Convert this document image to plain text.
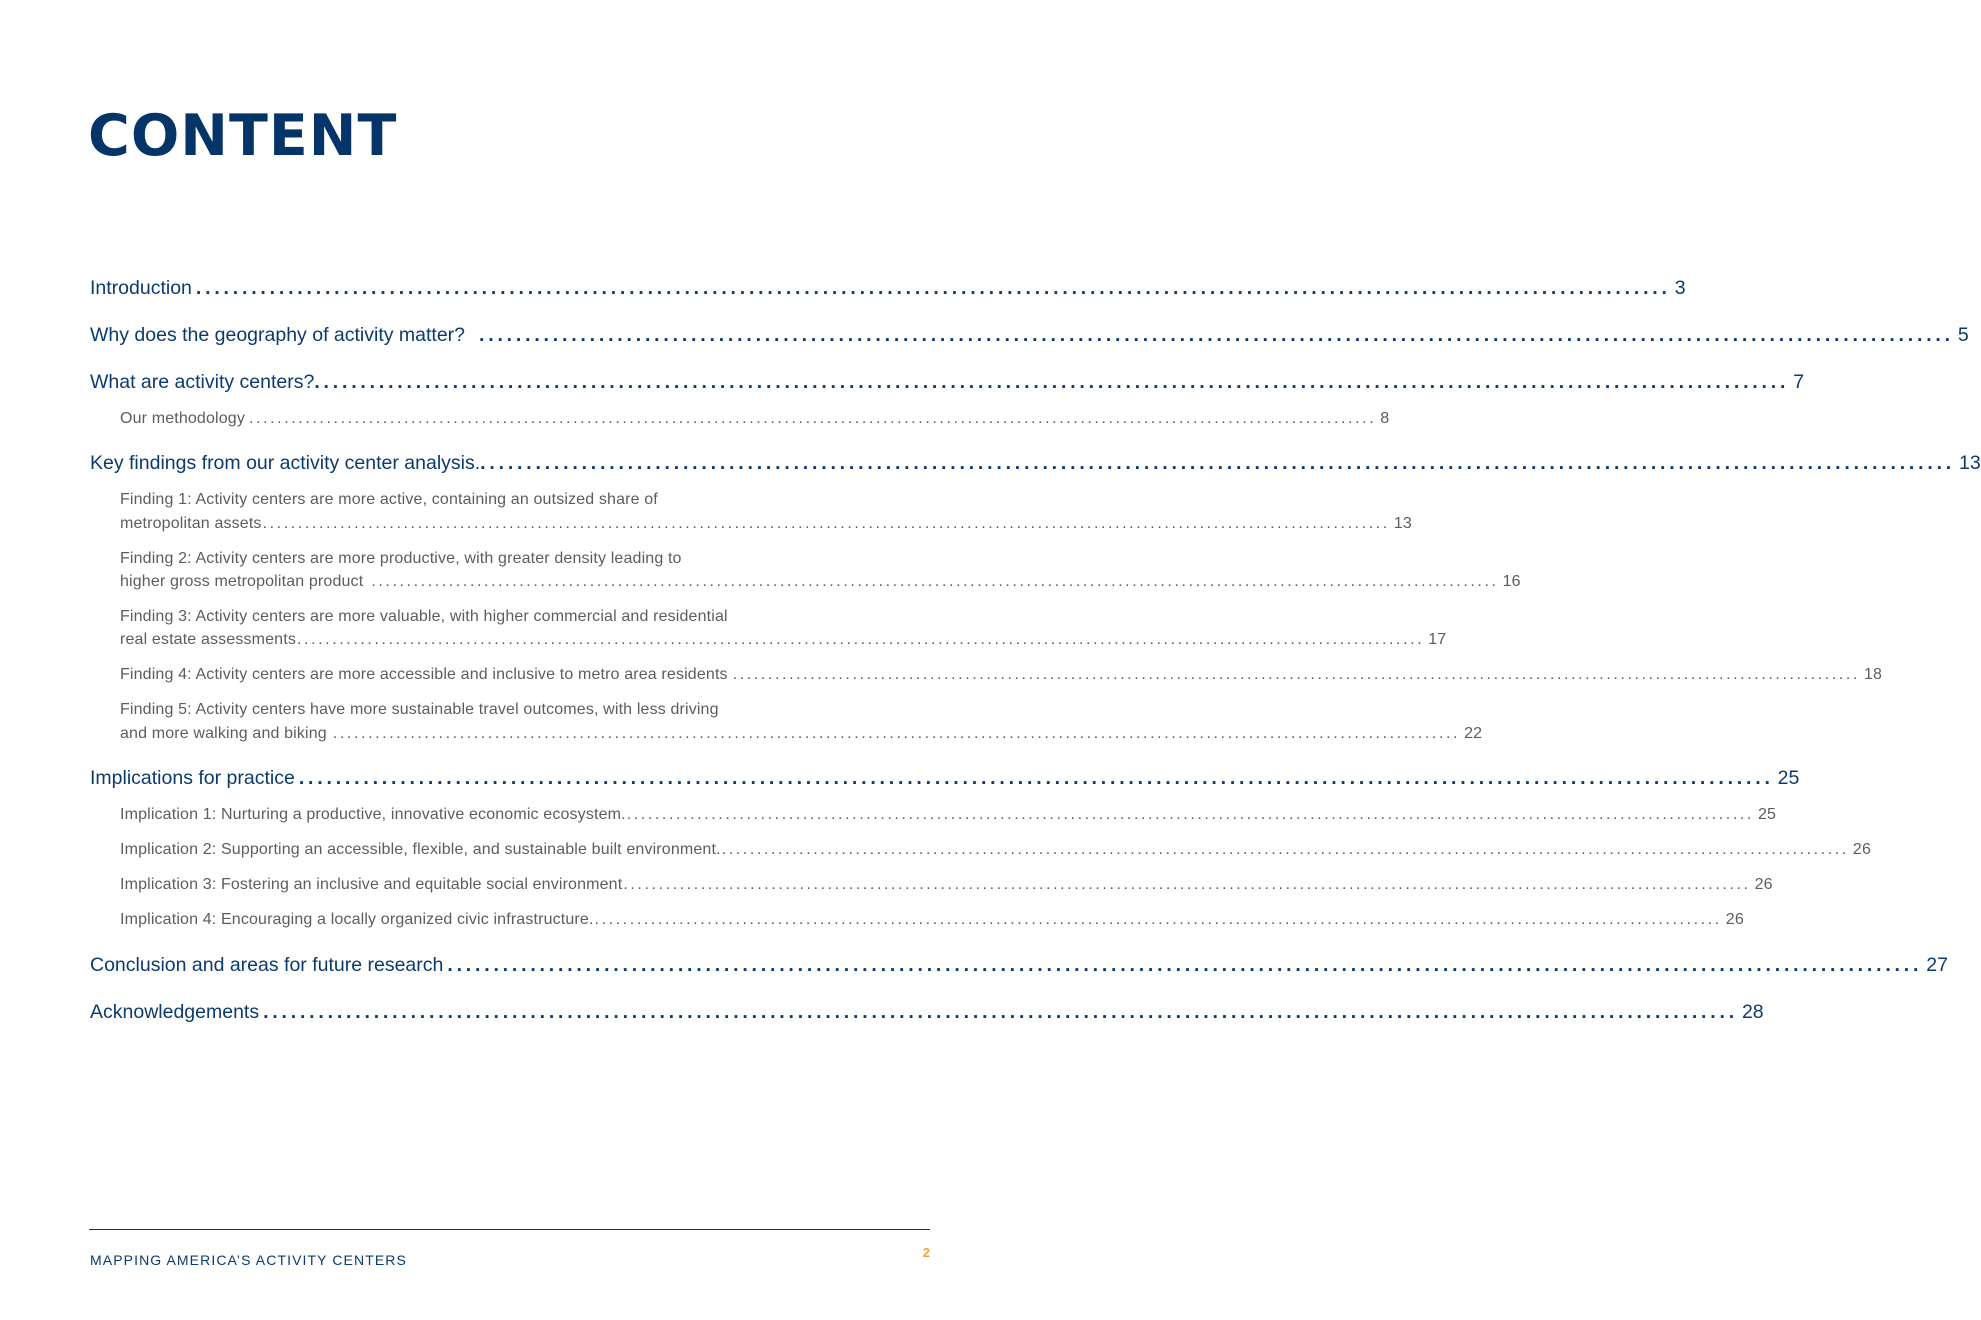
CONTENT
Introduction ................................................................................................................................................................ 3
Why does the geography of activity matter? ................................................................................................................................................................ 5
What are activity centers? ................................................................................................................................................................ 7
Our methodology ................................................................................................................................................................ 8
Key findings from our activity center analysis. ................................................................................................................................................................ 13
Finding 1: Activity centers are more active, containing an outsized share of
metropolitan assets ................................................................................................................................................................ 13
Finding 2: Activity centers are more productive, with greater density leading to
higher gross metropolitan product ................................................................................................................................................................ 16
Finding 3: Activity centers are more valuable, with higher commercial and residential
real estate assessments ................................................................................................................................................................ 17
Finding 4: Activity centers are more accessible and inclusive to metro area residents ................................................................................................................................................................ 18
Finding 5: Activity centers have more sustainable travel outcomes, with less driving
and more walking and biking ................................................................................................................................................................ 22
Implications for practice ................................................................................................................................................................ 25
Implication 1: Nurturing a productive, innovative economic ecosystem. ................................................................................................................................................................ 25
Implication 2: Supporting an accessible, flexible, and sustainable built environment. ................................................................................................................................................................ 26
Implication 3: Fostering an inclusive and equitable social environment ................................................................................................................................................................ 26
Implication 4: Encouraging a locally organized civic infrastructure. ................................................................................................................................................................ 26
Conclusion and areas for future research ................................................................................................................................................................ 27
Acknowledgements ................................................................................................................................................................ 28
MAPPING AMERICA’S ACTIVITY CENTERS	2
